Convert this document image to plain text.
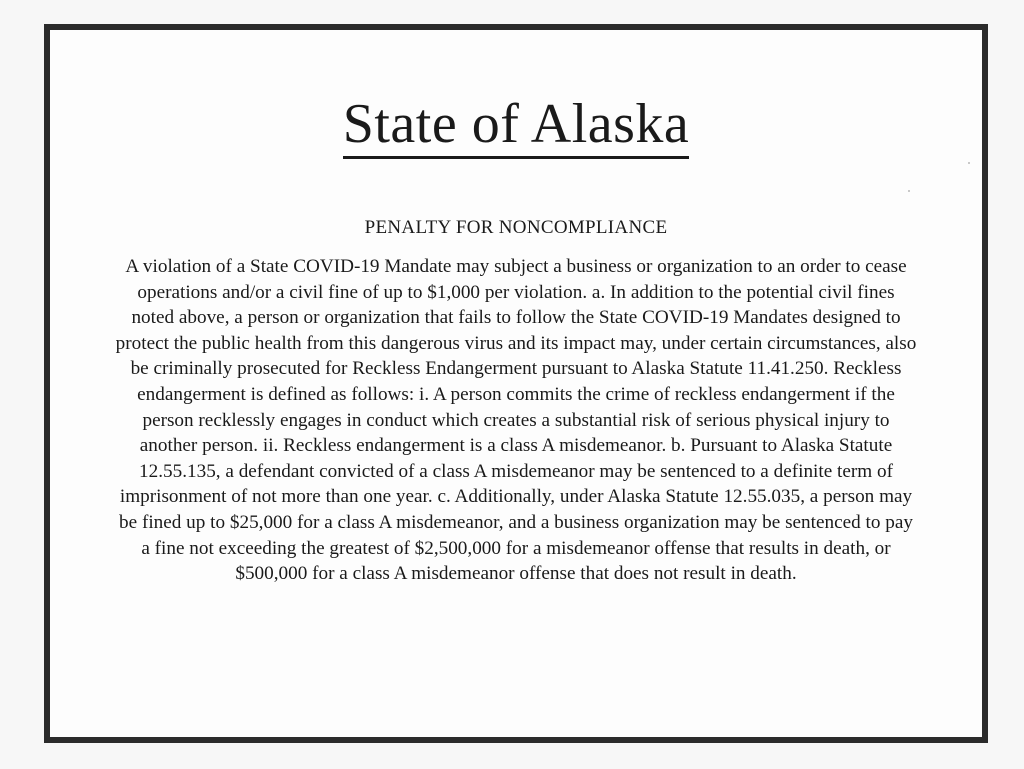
State of Alaska
PENALTY FOR NONCOMPLIANCE

A violation of a State COVID-19 Mandate may subject a business or organization to an order to cease operations and/or a civil fine of up to $1,000 per violation. a. In addition to the potential civil fines noted above, a person or organization that fails to follow the State COVID-19 Mandates designed to protect the public health from this dangerous virus and its impact may, under certain circumstances, also be criminally prosecuted for Reckless Endangerment pursuant to Alaska Statute 11.41.250. Reckless endangerment is defined as follows: i. A person commits the crime of reckless endangerment if the person recklessly engages in conduct which creates a substantial risk of serious physical injury to another person. ii. Reckless endangerment is a class A misdemeanor. b. Pursuant to Alaska Statute 12.55.135, a defendant convicted of a class A misdemeanor may be sentenced to a definite term of imprisonment of not more than one year. c. Additionally, under Alaska Statute 12.55.035, a person may be fined up to $25,000 for a class A misdemeanor, and a business organization may be sentenced to pay a fine not exceeding the greatest of $2,500,000 for a misdemeanor offense that results in death, or $500,000 for a class A misdemeanor offense that does not result in death.
